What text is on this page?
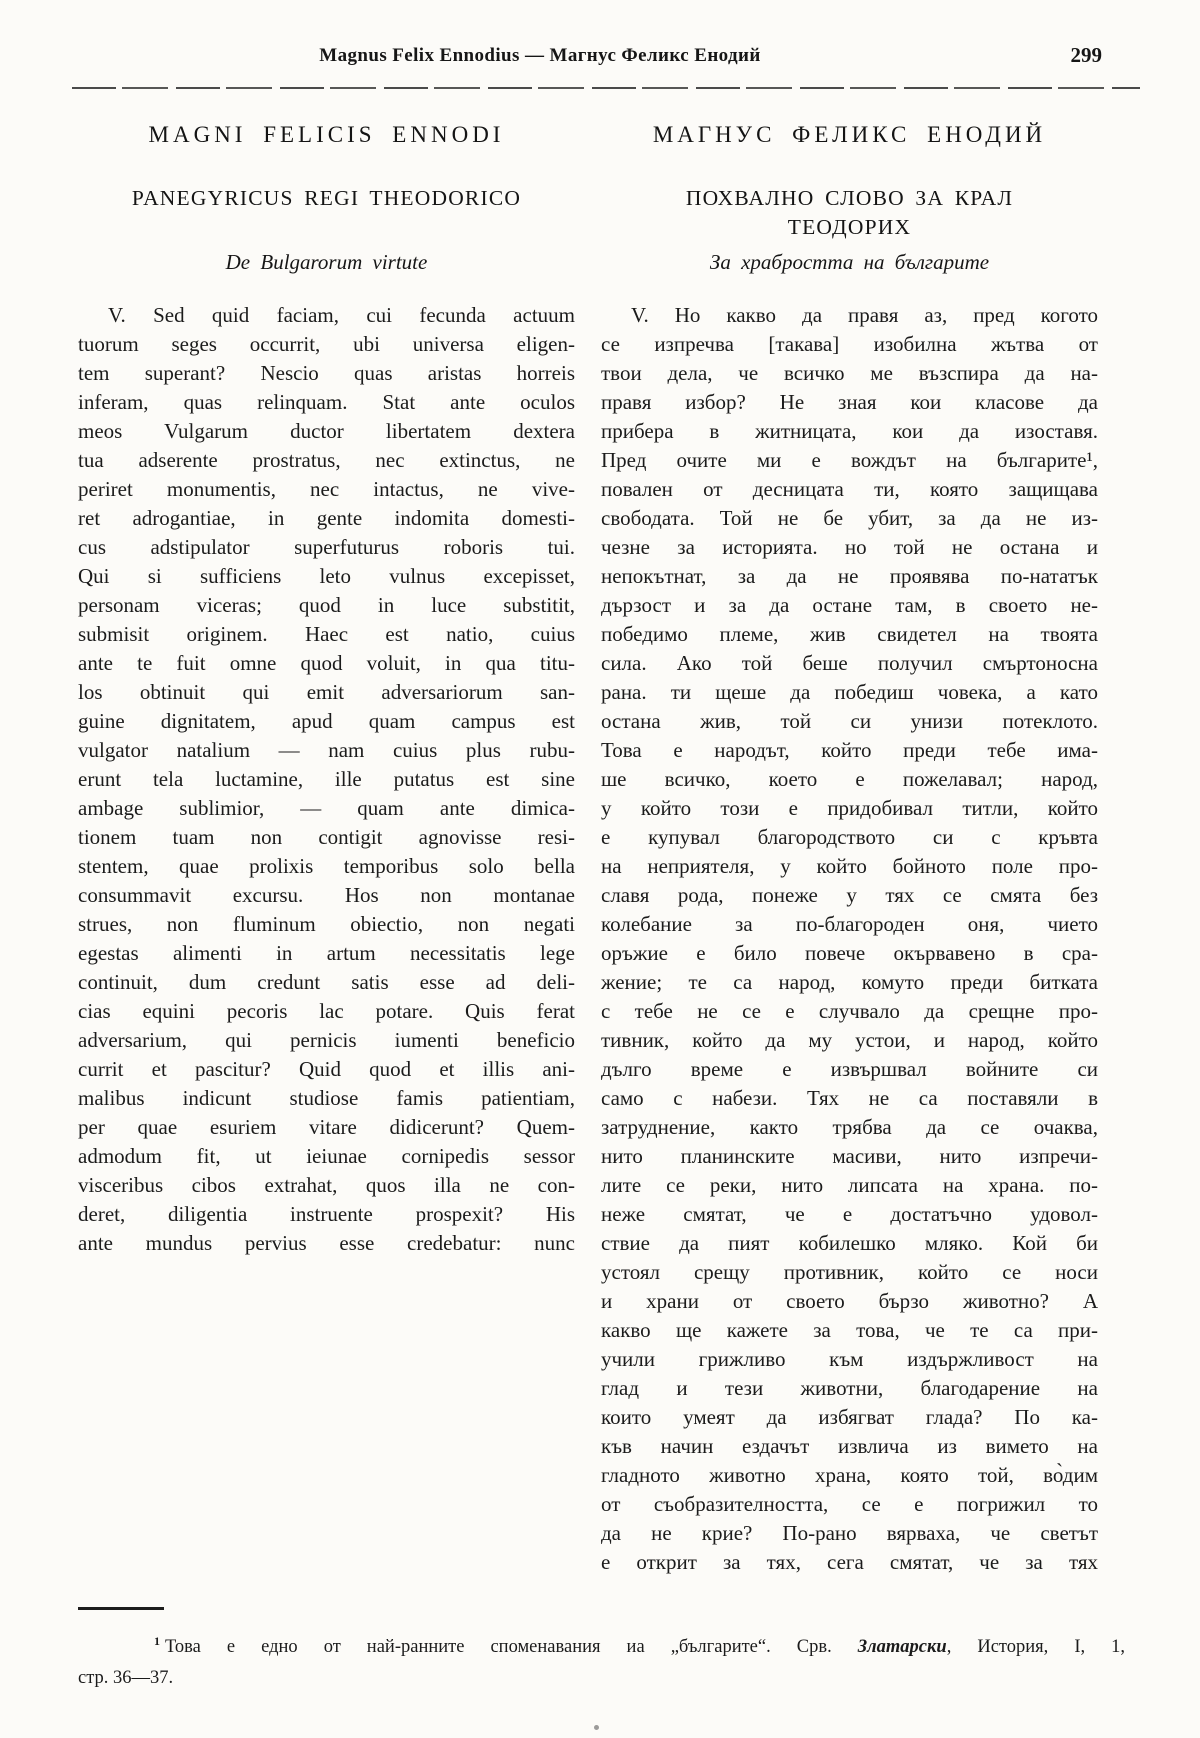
Magnus Felix Ennodius — Магнус Феликс Енодий	299
MAGNI FELICIS ENNODI
PANEGYRICUS REGI THEODORICO
De Bulgarorum virtute
V. Sed quid faciam, cui fecunda actuum
tuorum seges occurrit, ubi universa eligen-
tem superant? Nescio quas aristas horreis
inferam, quas relinquam. Stat ante oculos
meos Vulgarum ductor libertatem dextera
tua adserente prostratus, nec extinctus, ne
periret monumentis, nec intactus, ne vive-
ret adrogantiae, in gente indomita domesti-
cus adstipulator superfuturus roboris tui.
Qui si sufficiens leto vulnus excepisset,
personam viceras; quod in luce substitit,
submisit originem. Haec est natio, cuius
ante te fuit omne quod voluit, in qua titu-
los obtinuit qui emit adversariorum san-
guine dignitatem, apud quam campus est
vulgator natalium — nam cuius plus rubu-
erunt tela luctamine, ille putatus est sine
ambage sublimior, — quam ante dimica-
tionem tuam non contigit agnovisse resi-
stentem, quae prolixis temporibus solo bella
consummavit excursu. Hos non montanae
strues, non fluminum obiectio, non negati
egestas alimenti in artum necessitatis lege
continuit, dum credunt satis esse ad deli-
cias equini pecoris lac potare. Quis ferat
adversarium, qui pernicis iumenti beneficio
currit et pascitur? Quid quod et illis ani-
malibus indicunt studiose famis patientiam,
per quae esuriem vitare didicerunt? Quem-
admodum fit, ut ieiunae cornipedis sessor
visceribus cibos extrahat, quos illa ne con-
deret, diligentia instruente prospexit? His
ante mundus pervius esse credebatur: nunc
МАГНУС ФЕЛИКС ЕНОДИЙ
ПОХВАЛНО СЛОВО ЗА КРАЛ
ТЕОДОРИХ
За храбростта на българите
V. Но какво да правя аз, пред когото
се изпречва [такава] изобилна жътва от
твои дела, че всичко ме възспира да на-
правя избор? Не зная кои класове да
прибера в житницата, кои да изоставя.
Пред очите ми е вождът на българите¹,
повален от десницата ти, която защищава
свободата. Той не бе убит, за да не из-
чезне за историята. но той не остана и
непокътнат, за да не проявява по-нататък
дързост и за да остане там, в своето не-
победимо племе, жив свидетел на твоята
сила. Ако той беше получил смъртоносна
рана. ти щеше да победиш човека, а като
остана жив, той си унизи потеклото.
Това е народът, който преди тебе има-
ше всичко, което е пожелавал; народ,
у който този е придобивал титли, който
е купувал благородството си с кръвта
на неприятеля, у който бойното поле про-
славя рода, понеже у тях се смята без
колебание за по-благороден оня, чието
оръжие е било повече окървавено в сра-
жение; те са народ, комуто преди битката
с тебе не се е случвало да срещне про-
тивник, който да му устои, и народ, който
дълго време е извършвал войните си
само с набези. Тях не са поставяли в
затруднение, както трябва да се очаква,
нито планинските масиви, нито изпречи-
лите се реки, нито липсата на храна. по-
неже смятат, че е достатъчно удовол-
ствие да пият кобилешко мляко. Кой би
устоял срещу противник, който се носи
и храни от своето бързо животно? А
какво ще кажете за това, че те са при-
учили грижливо към издържливост на
глад и тези животни, благодарение на
които умеят да избягват глада? По ка-
къв начин ездачът извлича из вимето на
гладното животно храна, която той, во̀дим
от съобразителността, се е погрижил то
да не крие? По-рано вярваха, че светът
е открит за тях, сега смятат, че за тях
$^1$ Това е едно от най-ранните споменавания иа „българите“. Срв. Златарски, История, I, 1,
стр. 36—37.
